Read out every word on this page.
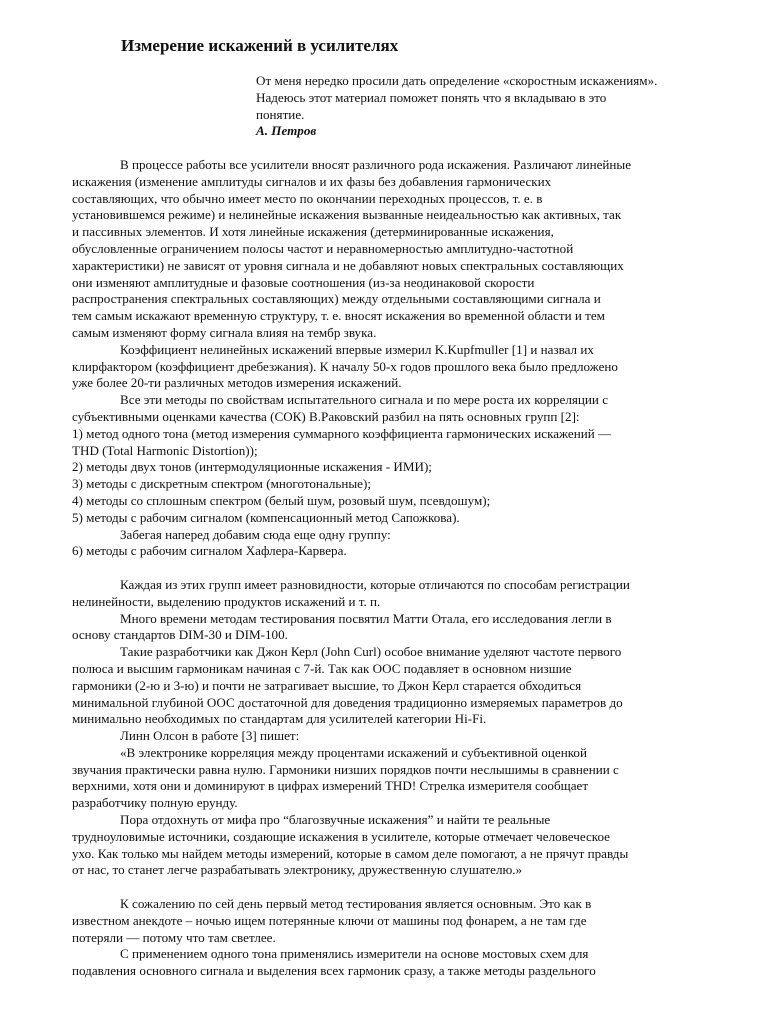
Измерение искажений в усилителях
От меня нередко просили дать определение «скоростным искажениям».
Надеюсь этот материал поможет понять что я вкладываю в это
понятие.
А. Петров
В процессе работы все усилители вносят различного рода искажения. Различают линейные
искажения (изменение амплитуды сигналов и их фазы без добавления гармонических
составляющих, что обычно имеет место по окончании переходных процессов, т. е. в
установившемся режиме) и нелинейные искажения вызванные неидеальностью как активных, так
и пассивных элементов. И хотя линейные искажения (детерминированные искажения,
обусловленные ограничением полосы частот и неравномерностью амплитудно-частотной
характеристики) не зависят от уровня сигнала и не добавляют новых спектральных составляющих
они изменяют амплитудные и фазовые соотношения (из-за неодинаковой скорости
распространения спектральных составляющих) между отдельными составляющими сигнала и
тем самым искажают временную структуру, т. е. вносят искажения во временной области и тем
самым изменяют форму сигнала влияя на тембр звука.
Коэффициент нелинейных искажений впервые измерил K.Kupfmuller [1] и назвал их
клирфактором (коэффициент дребезжания). К началу 50-х годов прошлого века было предложено
уже более 20-ти различных методов измерения искажений.
Все эти методы по свойствам испытательного сигнала и по мере роста их корреляции с
субъективными оценками качества (СОК) В.Раковский разбил на пять основных групп [2]:
1) метод одного тона (метод измерения суммарного коэффициента гармонических искажений —
THD (Total Harmonic Distortion));
2) методы двух тонов (интермодуляционные искажения - ИМИ);
3) методы с дискретным спектром (многотональные);
4) методы со сплошным спектром (белый шум, розовый шум, псевдошум);
5) методы с рабочим сигналом (компенсационный метод Сапожкова).
Забегая наперед добавим сюда еще одну группу:
6) методы с рабочим сигналом Хафлера-Карвера.
Каждая из этих групп имеет разновидности, которые отличаются по способам регистрации
нелинейности, выделению продуктов искажений и т. п.
Много времени методам тестирования посвятил Матти Отала, его исследования легли в
основу стандартов DIM-30 и DIM-100.
Такие разработчики как Джон Керл (John Curl) особое внимание уделяют частоте первого
полюса и высшим гармоникам начиная с 7-й. Так как ООС подавляет в основном низшие
гармоники (2-ю и 3-ю) и почти не затрагивает высшие, то Джон Керл старается обходиться
минимальной глубиной ООС достаточной для доведения традиционно измеряемых параметров до
минимально необходимых по стандартам для усилителей категории Hi-Fi.
Линн Олсон в работе [3] пишет:
«В электронике корреляция между процентами искажений и субъективной оценкой
звучания практически равна нулю. Гармоники низших порядков почти неслышимы в сравнении с
верхними, хотя они и доминируют в цифрах измерений THD! Стрелка измерителя сообщает
разработчику полную ерунду.
Пора отдохнуть от мифа про “благозвучные искажения” и найти те реальные
трудноуловимые источники, создающие искажения в усилителе, которые отмечает человеческое
ухо. Как только мы найдем методы измерений, которые в самом деле помогают, а не прячут правды
от нас, то станет легче разрабатывать электронику, дружественную слушателю.»
К сожалению по сей день первый метод тестирования является основным. Это как в
известном анекдоте – ночью ищем потерянные ключи от машины под фонарем, а не там где
потеряли — потому что там светлее.
С применением одного тона применялись измерители на основе мостовых схем для
подавления основного сигнала и выделения всех гармоник сразу, а также методы раздельного
